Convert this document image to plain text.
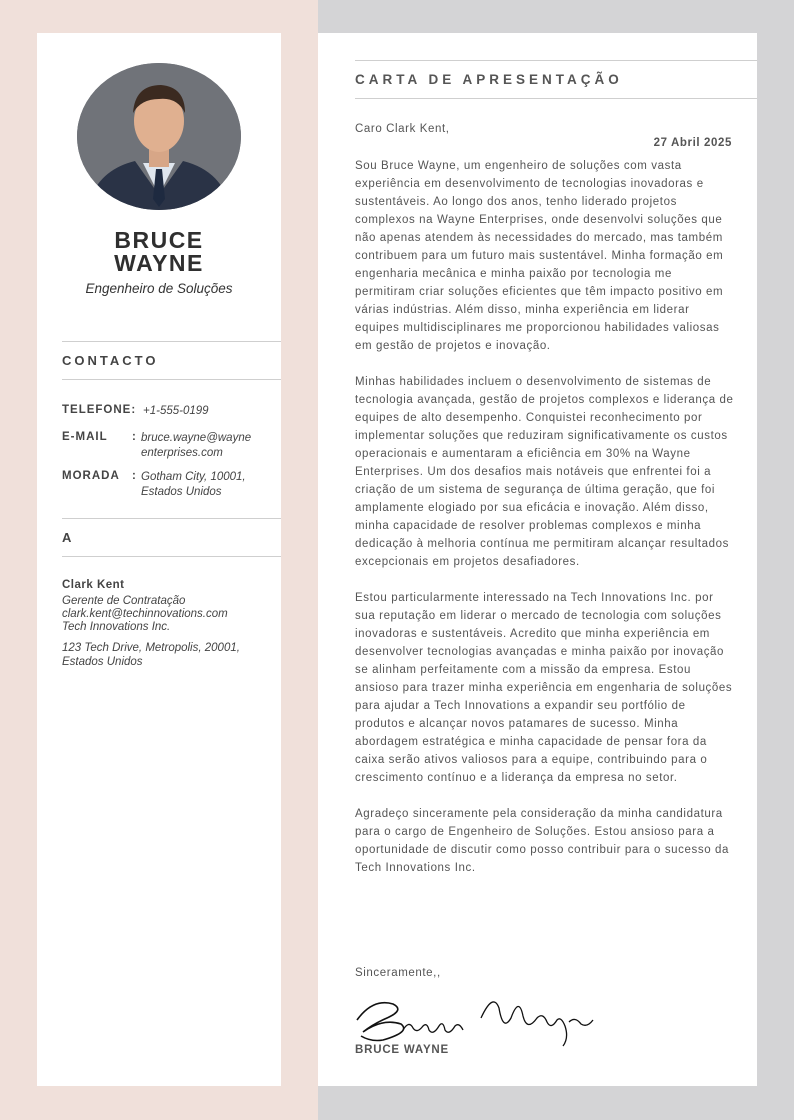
BRUCE
WAYNE
Engenheiro de Soluções
CONTACTO
TELEFONE: +1-555-0199
E-MAIL : bruce.wayne@wayneenterprises.com
MORADA : Gotham City, 10001, Estados Unidos
A
Clark Kent
Gerente de Contratação
clark.kent@techinnovations.com
Tech Innovations Inc.
123 Tech Drive, Metropolis, 20001, Estados Unidos
CARTA DE APRESENTAÇÃO
Caro Clark Kent,
27 Abril 2025

Sou Bruce Wayne, um engenheiro de soluções com vasta experiência em desenvolvimento de tecnologias inovadoras e sustentáveis. Ao longo dos anos, tenho liderado projetos complexos na Wayne Enterprises, onde desenvolvi soluções que não apenas atendem às necessidades do mercado, mas também contribuem para um futuro mais sustentável. Minha formação em engenharia mecânica e minha paixão por tecnologia me permitiram criar soluções eficientes que têm impacto positivo em várias indústrias. Além disso, minha experiência em liderar equipes multidisciplinares me proporcionou habilidades valiosas em gestão de projetos e inovação.

Minhas habilidades incluem o desenvolvimento de sistemas de tecnologia avançada, gestão de projetos complexos e liderança de equipes de alto desempenho. Conquistei reconhecimento por implementar soluções que reduziram significativamente os custos operacionais e aumentaram a eficiência em 30% na Wayne Enterprises. Um dos desafios mais notáveis que enfrentei foi a criação de um sistema de segurança de última geração, que foi amplamente elogiado por sua eficácia e inovação. Além disso, minha capacidade de resolver problemas complexos e minha dedicação à melhoria contínua me permitiram alcançar resultados excepcionais em projetos desafiadores.

Estou particularmente interessado na Tech Innovations Inc. por sua reputação em liderar o mercado de tecnologia com soluções inovadoras e sustentáveis. Acredito que minha experiência em desenvolver tecnologias avançadas e minha paixão por inovação se alinham perfeitamente com a missão da empresa. Estou ansioso para trazer minha experiência em engenharia de soluções para ajudar a Tech Innovations a expandir seu portfólio de produtos e alcançar novos patamares de sucesso. Minha abordagem estratégica e minha capacidade de pensar fora da caixa serão ativos valiosos para a equipe, contribuindo para o crescimento contínuo e a liderança da empresa no setor.

Agradeço sinceramente pela consideração da minha candidatura para o cargo de Engenheiro de Soluções. Estou ansioso para a oportunidade de discutir como posso contribuir para o sucesso da Tech Innovations Inc.

Sinceramente,,
BRUCE WAYNE
